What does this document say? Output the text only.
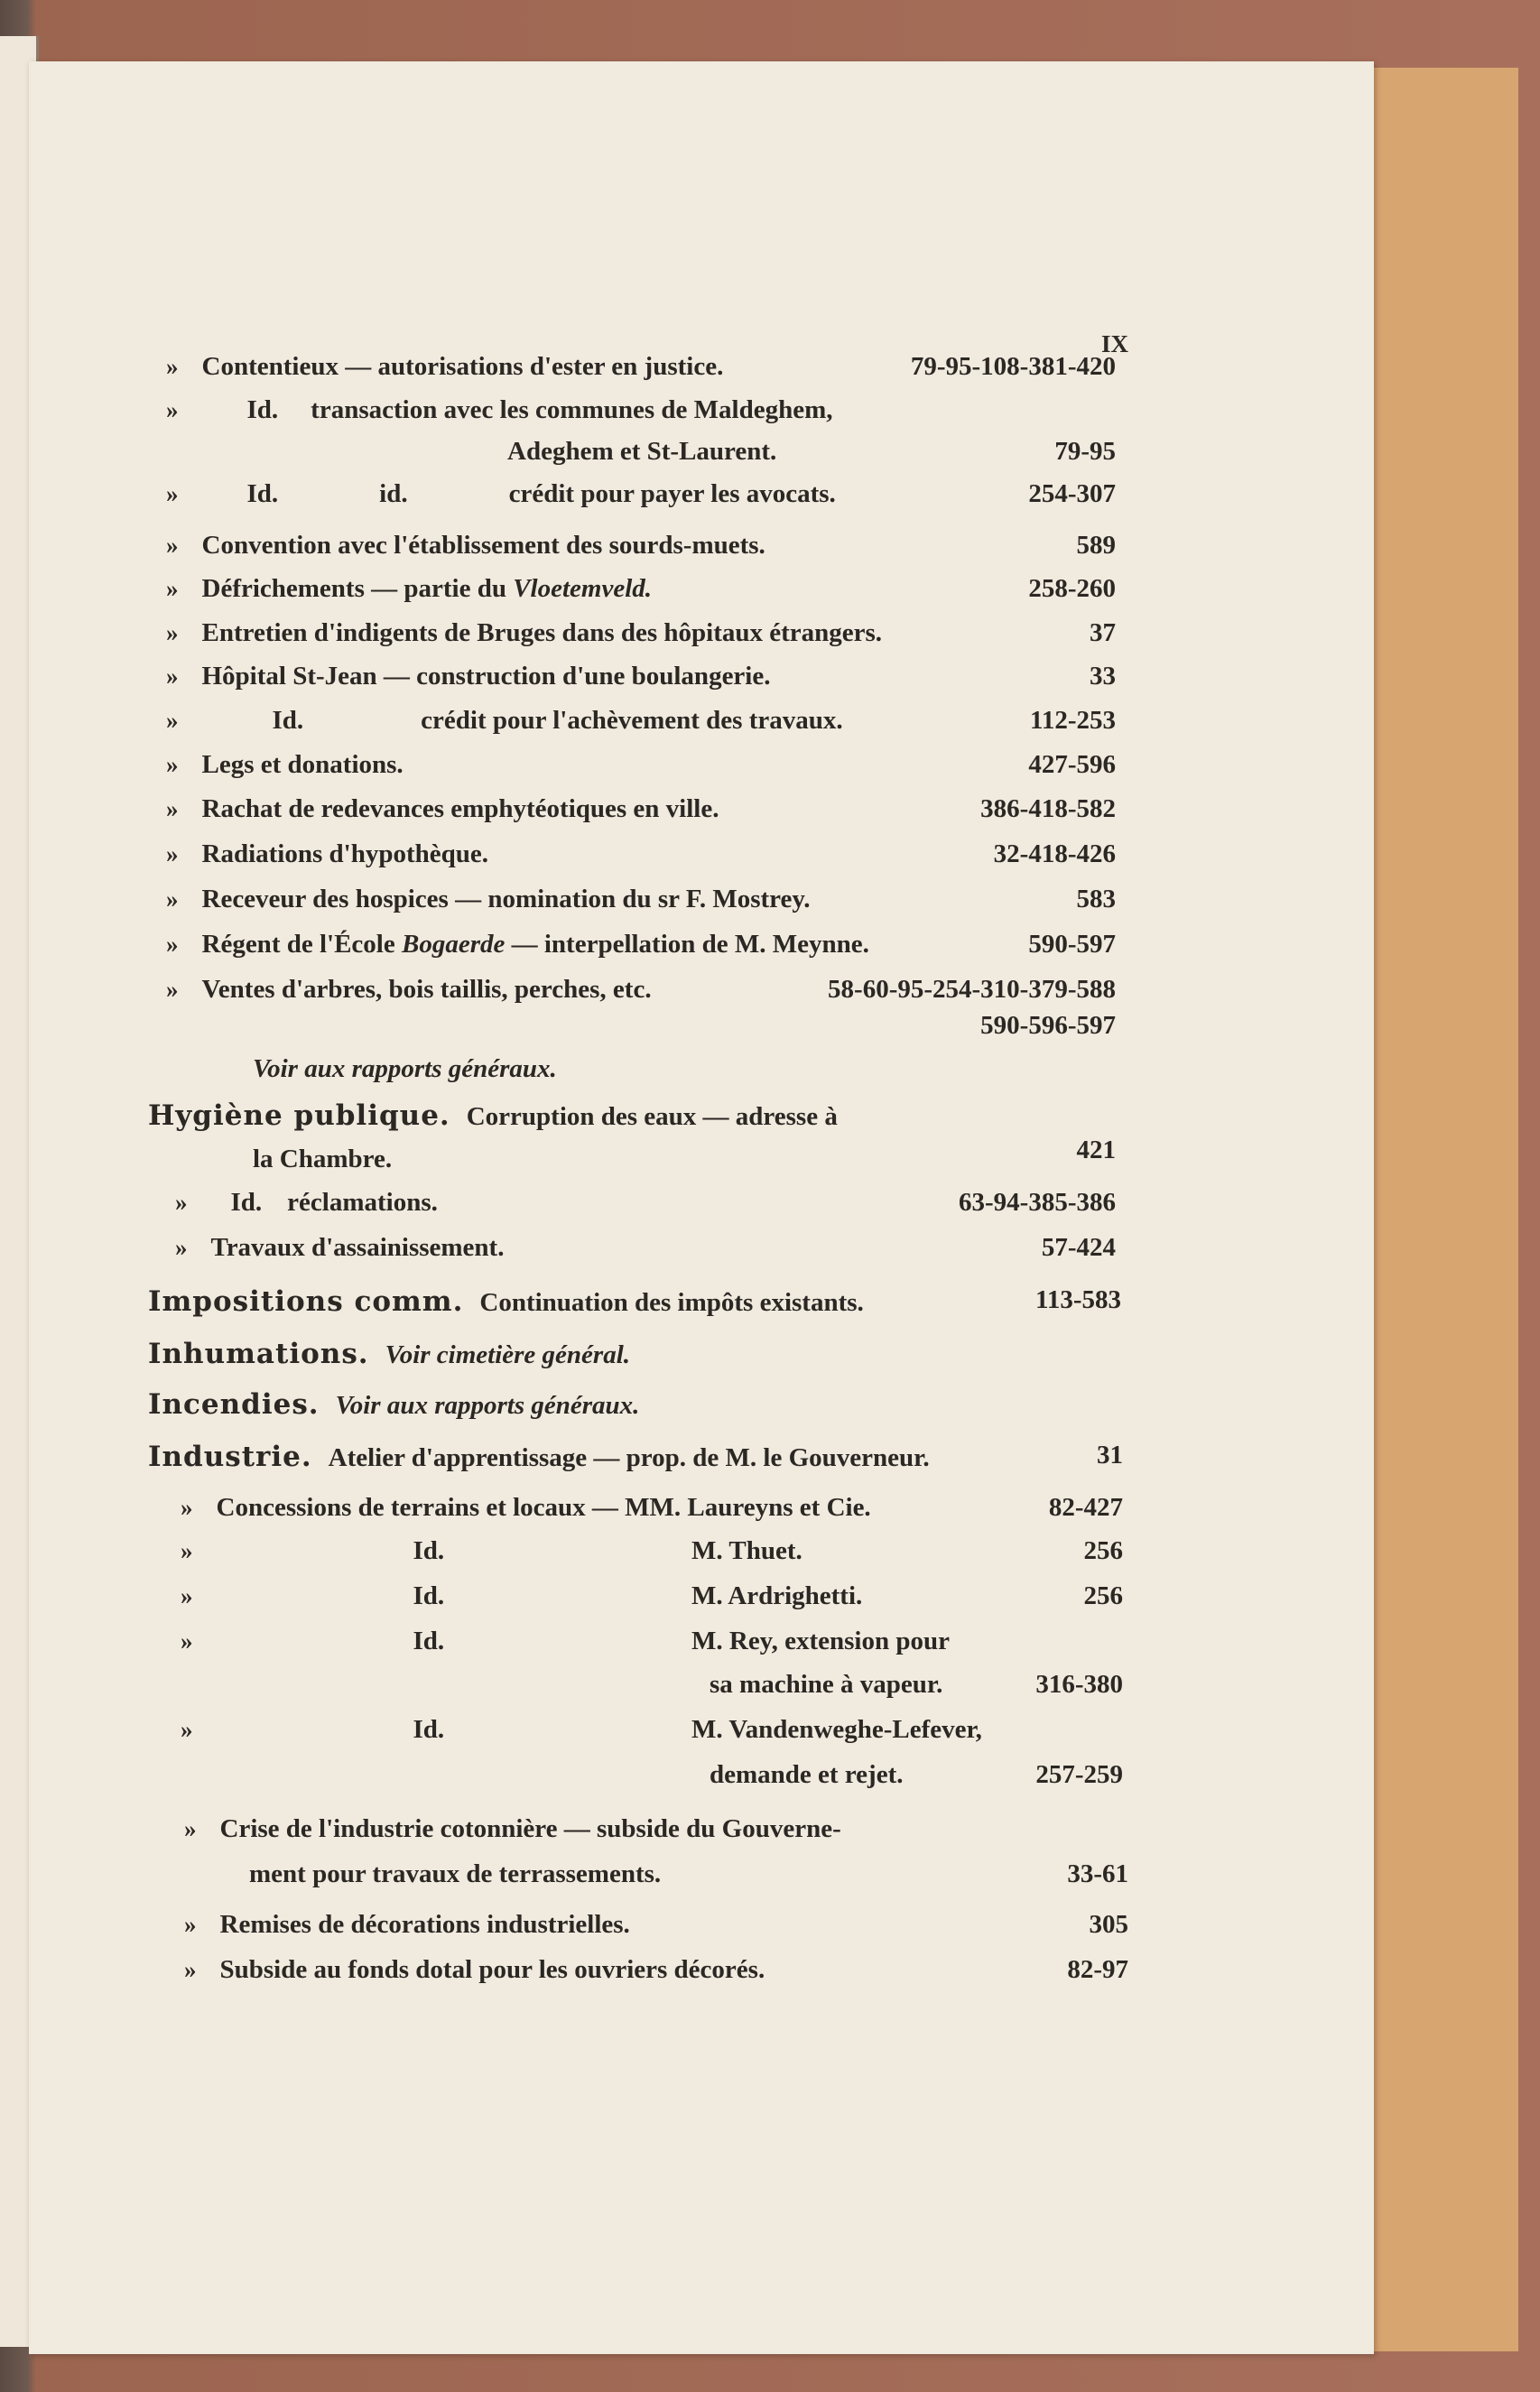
IX
» Contentieux — autorisations d'ester en justice.	79-95-108-381-420
»	Id. transaction avec les communes de Maldeghem,
Adeghem et St-Laurent.	79-95
»	Id.	id.	crédit pour payer les avocats.	254-307
» Convention avec l'établissement des sourds-muets.	589
» Défrichements — partie du Vloetemveld.	258-260
» Entretien d'indigents de Bruges dans des hôpitaux étrangers.	37
» Hôpital St-Jean — construction d'une boulangerie.	33
»	Id.	crédit pour l'achèvement des travaux.	112-253
» Legs et donations.	427-596
» Rachat de redevances emphytéotiques en ville.	386-418-582
» Radiations d'hypothèque.	32-418-426
» Receveur des hospices — nomination du sr F. Mostrey.	583
» Régent de l'École Bogaerde — interpellation de M. Meynne.	590-597
» Ventes d'arbres, bois taillis, perches, etc.	58-60-95-254-310-379-588
590-596-597
Voir aux rapports généraux.
Hygiène publique. Corruption des eaux — adresse à
la Chambre.	421
» Id. réclamations.	63-94-385-386
» Travaux d'assainissement.	57-424
Impositions comm. Continuation des impôts existants.	113-583
Inhumations. Voir cimetière général.
Incendies. Voir aux rapports généraux.
Industrie. Atelier d'apprentissage — prop. de M. le Gouverneur.	31
» Concessions de terrains et locaux — MM. Laureyns et Cie.	82-427
»	Id.	M. Thuet.	256
»	Id.	M. Ardrighetti.	256
»	Id.	M. Rey, extension pour
sa machine à vapeur.	316-380
»	Id.	M. Vandenweghe-Lefever,
demande et rejet.	257-259
» Crise de l'industrie cotonnière — subside du Gouverne-
ment pour travaux de terrassements.	33-61
» Remises de décorations industrielles.	305
» Subside au fonds dotal pour les ouvriers décorés.	82-97
